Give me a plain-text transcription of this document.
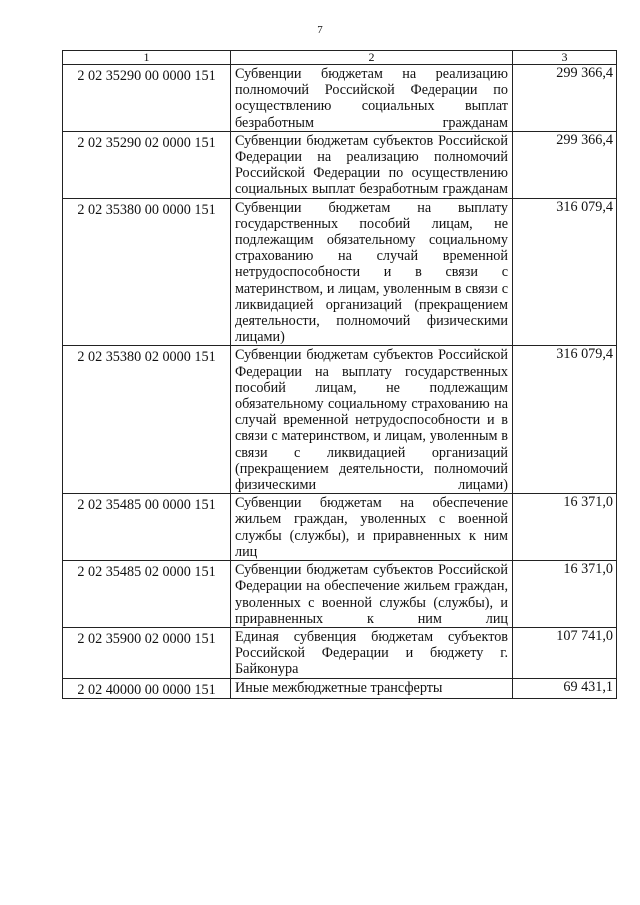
7
1	2	3
2 02 35290 00 0000 151	Субвенции бюджетам на реализацию полномочий Российской Федерации по осуществлению социальных выплат безработным гражданам	299 366,4
2 02 35290 02 0000 151	Субвенции бюджетам субъектов Российской Федерации на реализацию полномочий Российской Федерации по осуществлению социальных выплат безработным гражданам	299 366,4
2 02 35380 00 0000 151	Субвенции бюджетам на выплату государственных пособий лицам, не подлежащим обязательному социальному страхованию на случай временной нетрудоспособности и в связи с материнством, и лицам, уволенным в связи с ликвидацией организаций (прекращением деятельности, полномочий физическими лицами)	316 079,4
2 02 35380 02 0000 151	Субвенции бюджетам субъектов Российской Федерации на выплату государственных пособий лицам, не подлежащим обязательному социальному страхованию на случай временной нетрудоспособности и в связи с материнством, и лицам, уволенным в связи с ликвидацией организаций (прекращением деятельности, полномочий физическими лицами)	316 079,4
2 02 35485 00 0000 151	Субвенции бюджетам на обеспечение жильем граждан, уволенных с военной службы (службы), и приравненных к ним лиц	16 371,0
2 02 35485 02 0000 151	Субвенции бюджетам субъектов Российской Федерации на обеспечение жильем граждан, уволенных с военной службы (службы), и приравненных к ним лиц	16 371,0
2 02 35900 02 0000 151	Единая субвенция бюджетам субъектов Российской Федерации и бюджету г. Байконура	107 741,0
2 02 40000 00 0000 151	Иные межбюджетные трансферты	69 431,1
